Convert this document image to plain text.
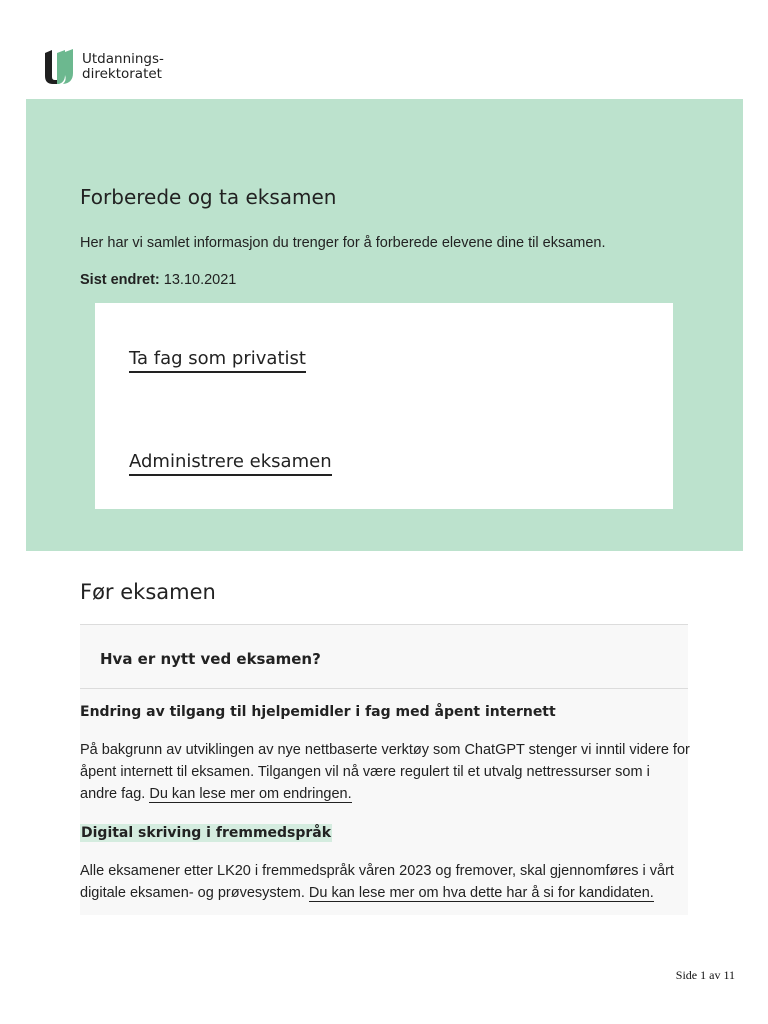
Utdannings-
direktoratet
Forberede og ta eksamen

Her har vi samlet informasjon du trenger for å forberede elevene dine til eksamen.

Sist endret: 13.10.2021

Ta fag som privatist
Administrere eksamen
Før eksamen
Hva er nytt ved eksamen?
Endring av tilgang til hjelpemidler i fag med åpent internett

På bakgrunn av utviklingen av nye nettbaserte verktøy som ChatGPT stenger vi inntil videre for åpent internett til eksamen. Tilgangen vil nå være regulert til et utvalg nettressurser som i andre fag. Du kan lese mer om endringen.

Digital skriving i fremmedspråk

Alle eksamener etter LK20 i fremmedspråk våren 2023 og fremover, skal gjennomføres i vårt digitale eksamen- og prøvesystem. Du kan lese mer om hva dette har å si for kandidaten.

Side 1 av 11
